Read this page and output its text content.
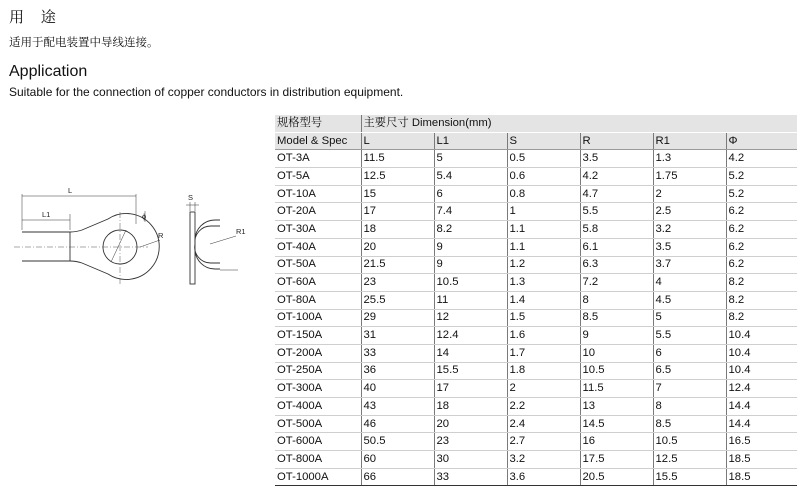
用 途
适用于配电装置中导线连接。
Application
Suitable for the connection of copper conductors in distribution equipment.
L
L1	ϕ
R
S
R1
规格型号	主要尺寸 Dimension(mm)					
Model & Spec	L	L1	S	R	R1	Φ
OT-3A	11.5	5	0.5	3.5	1.3	4.2
OT-5A	12.5	5.4	0.6	4.2	1.75	5.2
OT-10A	15	6	0.8	4.7	2	5.2
OT-20A	17	7.4	1	5.5	2.5	6.2
OT-30A	18	8.2	1.1	5.8	3.2	6.2
OT-40A	20	9	1.1	6.1	3.5	6.2
OT-50A	21.5	9	1.2	6.3	3.7	6.2
OT-60A	23	10.5	1.3	7.2	4	8.2
OT-80A	25.5	11	1.4	8	4.5	8.2
OT-100A	29	12	1.5	8.5	5	8.2
OT-150A	31	12.4	1.6	9	5.5	10.4
OT-200A	33	14	1.7	10	6	10.4
OT-250A	36	15.5	1.8	10.5	6.5	10.4
OT-300A	40	17	2	11.5	7	12.4
OT-400A	43	18	2.2	13	8	14.4
OT-500A	46	20	2.4	14.5	8.5	14.4
OT-600A	50.5	23	2.7	16	10.5	16.5
OT-800A	60	30	3.2	17.5	12.5	18.5
OT-1000A	66	33	3.6	20.5	15.5	18.5
